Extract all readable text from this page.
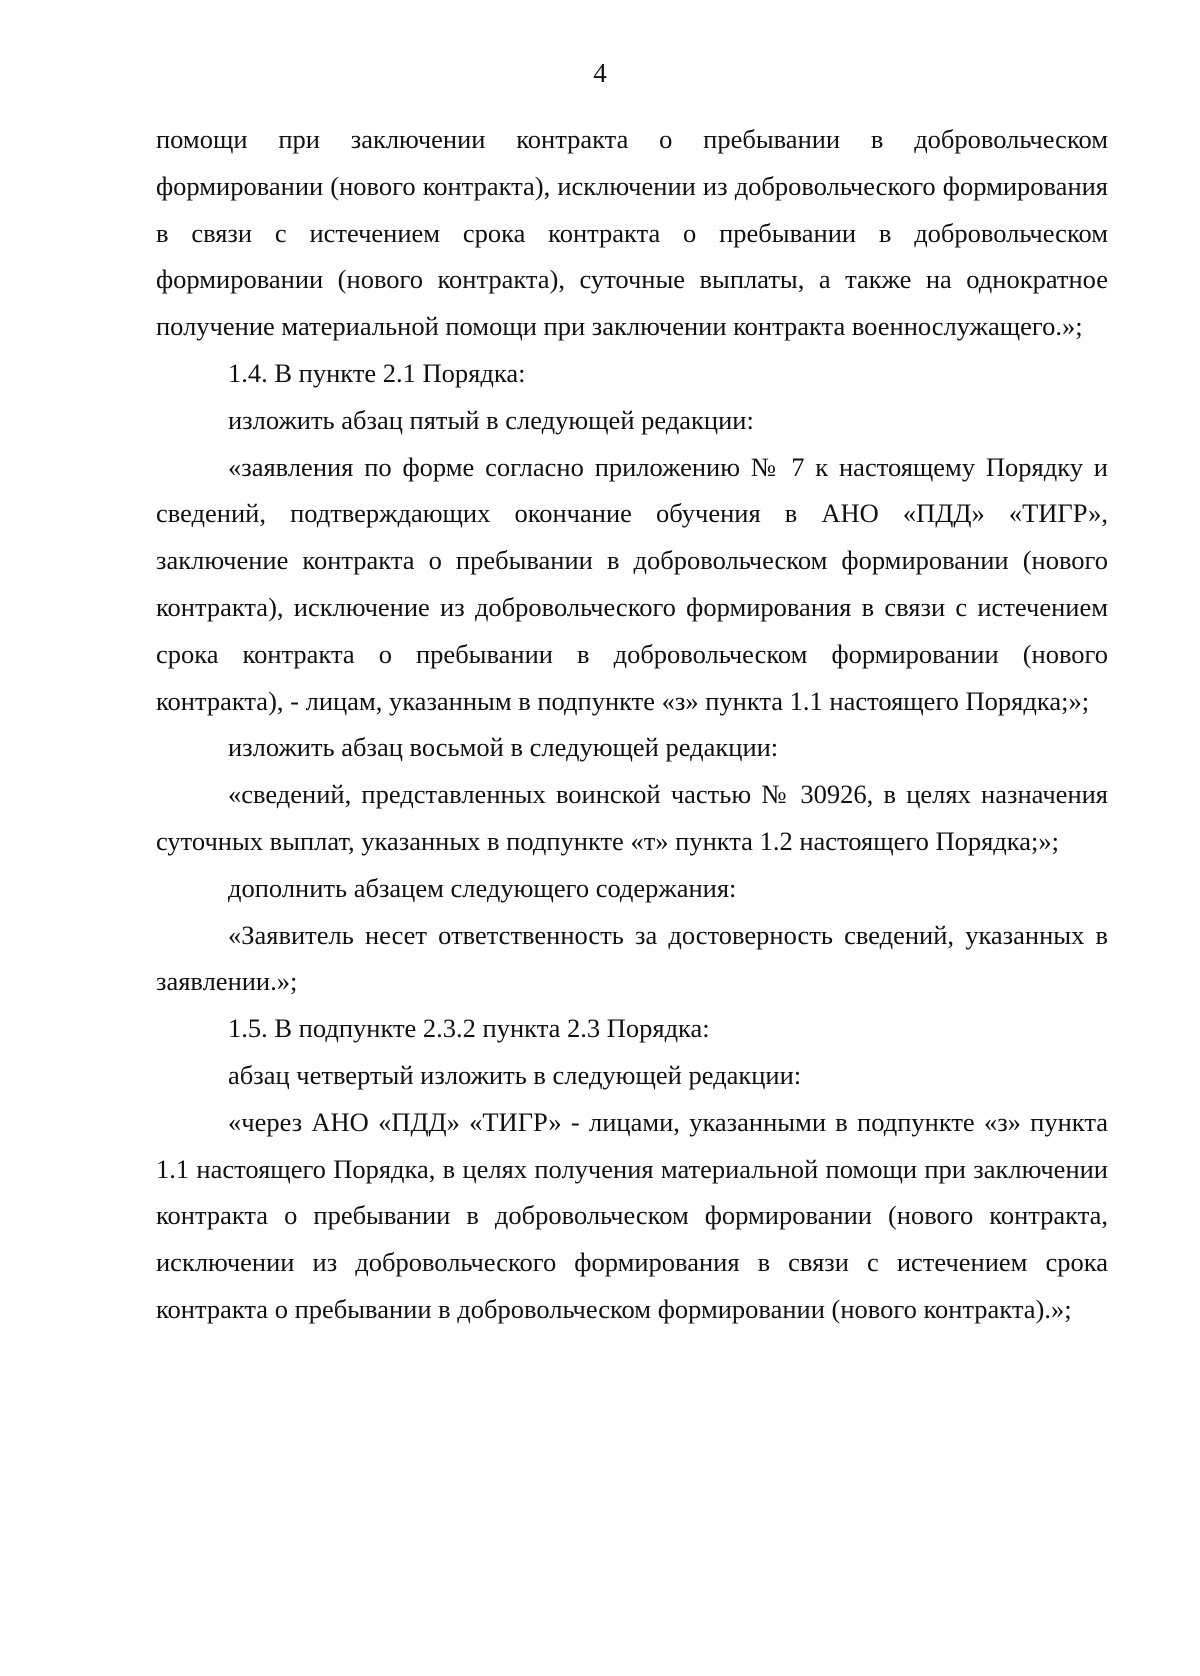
4

помощи при заключении контракта о пребывании в добровольческом формировании (нового контракта), исключении из добровольческого формирования в связи с истечением срока контракта о пребывании в добровольческом формировании (нового контракта), суточные выплаты, а также на однократное получение материальной помощи при заключении контракта военнослужащего.»;

1.4. В пункте 2.1 Порядка:

изложить абзац пятый в следующей редакции:

«заявления по форме согласно приложению № 7 к настоящему Порядку и сведений, подтверждающих окончание обучения в АНО «ПДД» «ТИГР», заключение контракта о пребывании в добровольческом формировании (нового контракта), исключение из добровольческого формирования в связи с истечением срока контракта о пребывании в добровольческом формировании (нового контракта), - лицам, указанным в подпункте «з» пункта 1.1 настоящего Порядка;»;

изложить абзац восьмой в следующей редакции:

«сведений, представленных воинской частью № 30926, в целях назначения суточных выплат, указанных в подпункте «т» пункта 1.2 настоящего Порядка;»;

дополнить абзацем следующего содержания:

«Заявитель несет ответственность за достоверность сведений, указанных в заявлении.»;

1.5. В подпункте 2.3.2 пункта 2.3 Порядка:

абзац четвертый изложить в следующей редакции:

«через АНО «ПДД» «ТИГР» - лицами, указанными в подпункте «з» пункта 1.1 настоящего Порядка, в целях получения материальной помощи при заключении контракта о пребывании в добровольческом формировании (нового контракта, исключении из добровольческого формирования в связи с истечением срока контракта о пребывании в добровольческом формировании (нового контракта).»;
